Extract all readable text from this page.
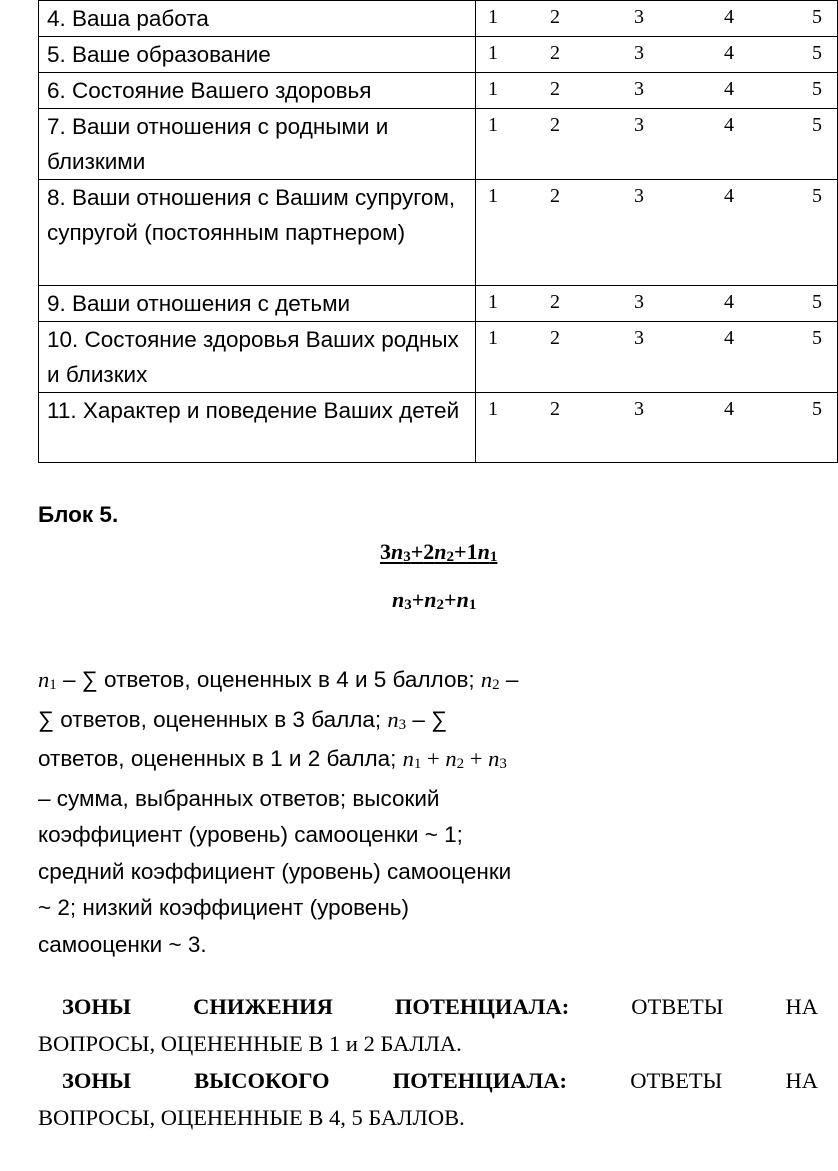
4. Ваша работа	1 2 3 4 5

5. Ваше образование	1 2 3 4 5

6. Состояние Вашего здоровья	1 2 3 4 5

7. Ваши отношения с родными и близкими	1 2 3 4 5

8. Ваши отношения с Вашим супругом, супругой (постоянным партнером)	1 2 3 4 5

9. Ваши отношения с детьми	1 2 3 4 5

10. Состояние здоровья Ваших родных и близких	1 2 3 4 5

11. Характер и поведение Ваших детей	1 2 3 4 5
Блок 5.
$3n_3+2n_2+1n_1$
$n_3+n_2+n_1$
$n_1$ – ∑ ответов, оцененных в 4 и 5 баллов; $n_2$ –
∑ ответов, оцененных в 3 балла; $n_3$ – ∑
ответов, оцененных в 1 и 2 балла; $n_1 + n_2 + n_3$
– сумма, выбранных ответов; высокий
коэффициент (уровень) самооценки ~ 1;
средний коэффициент (уровень) самооценки
~ 2; низкий коэффициент (уровень)
самооценки ~ 3.
ЗОНЫ СНИЖЕНИЯ ПОТЕНЦИАЛА: ОТВЕТЫ НА
ВОПРОСЫ, ОЦЕНЕННЫЕ В 1 и 2 БАЛЛА.
ЗОНЫ ВЫСОКОГО ПОТЕНЦИАЛА: ОТВЕТЫ НА
ВОПРОСЫ, ОЦЕНЕННЫЕ В 4, 5 БАЛЛОВ.
